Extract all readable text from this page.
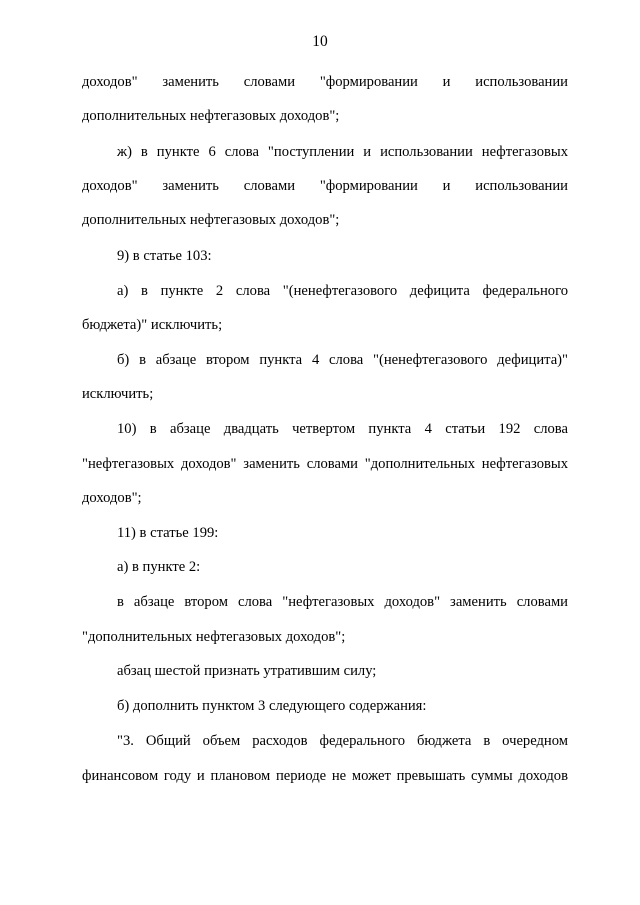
10
доходов" заменить словами "формировании и использовании
дополнительных нефтегазовых доходов";
ж) в пункте 6 слова "поступлении и использовании нефтегазовых
доходов" заменить словами "формировании и использовании
дополнительных нефтегазовых доходов";
9) в статье 103:
а) в пункте 2 слова "(ненефтегазового дефицита федерального
бюджета)" исключить;
б) в абзаце втором пункта 4 слова "(ненефтегазового дефицита)"
исключить;
10) в абзаце двадцать четвертом пункта 4 статьи 192 слова
"нефтегазовых доходов" заменить словами "дополнительных нефтегазовых
доходов";
11) в статье 199:
а) в пункте 2:
в абзаце втором слова "нефтегазовых доходов" заменить словами
"дополнительных нефтегазовых доходов";
абзац шестой признать утратившим силу;
б) дополнить пунктом 3 следующего содержания:
"3. Общий объем расходов федерального бюджета в очередном
финансовом году и плановом периоде не может превышать суммы доходов
